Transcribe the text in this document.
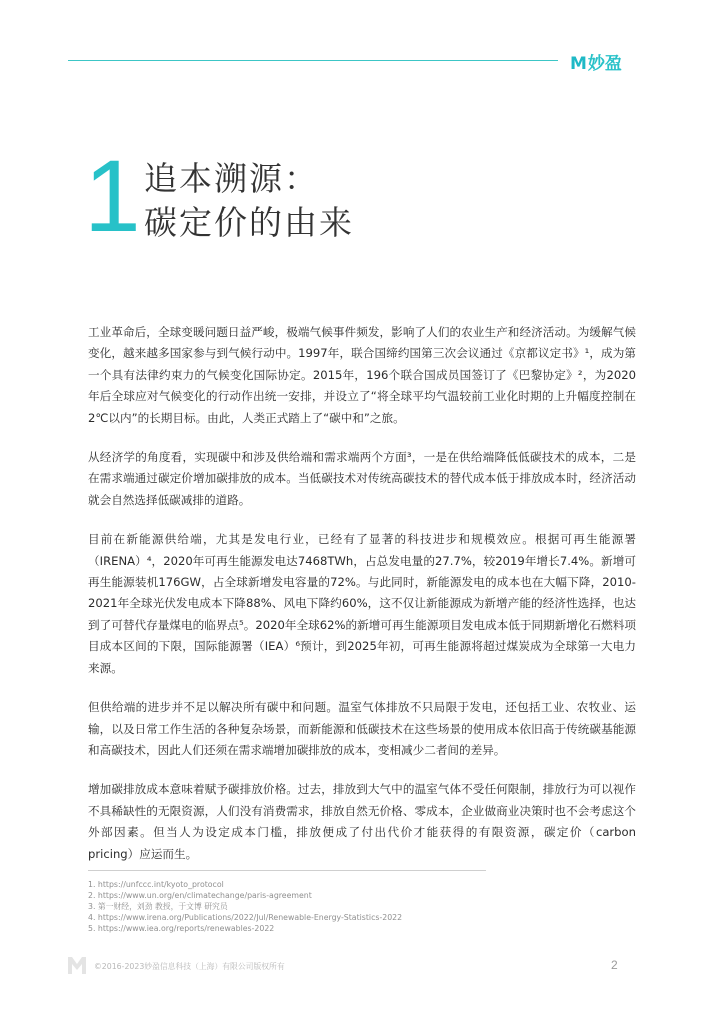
M妙盈
1 追本溯源：
碳定价的由来

工业革命后，全球变暖问题日益严峻，极端气候事件频发，影响了人们的农业生产和经济活动。为缓解气候变化，越来越多国家参与到气候行动中。1997年，联合国缔约国第三次会议通过《京都议定书》¹，成为第一个具有法律约束力的气候变化国际协定。2015年，196个联合国成员国签订了《巴黎协定》²，为2020年后全球应对气候变化的行动作出统一安排，并设立了“将全球平均气温较前工业化时期的上升幅度控制在2℃以内”的长期目标。由此，人类正式踏上了“碳中和”之旅。

从经济学的角度看，实现碳中和涉及供给端和需求端两个方面³，一是在供给端降低低碳技术的成本，二是在需求端通过碳定价增加碳排放的成本。当低碳技术对传统高碳技术的替代成本低于排放成本时，经济活动就会自然选择低碳减排的道路。

目前在新能源供给端，尤其是发电行业，已经有了显著的科技进步和规模效应。根据可再生能源署（IRENA）⁴，2020年可再生能源发电达7468TWh，占总发电量的27.7%，较2019年增长7.4%。新增可再生能源装机176GW，占全球新增发电容量的72%。与此同时，新能源发电的成本也在大幅下降，2010-2021年全球光伏发电成本下降88%、风电下降约60%，这不仅让新能源成为新增产能的经济性选择，也达到了可替代存量煤电的临界点⁵。2020年全球62%的新增可再生能源项目发电成本低于同期新增化石燃料项目成本区间的下限，国际能源署（IEA）⁶预计，到2025年初，可再生能源将超过煤炭成为全球第一大电力来源。

但供给端的进步并不足以解决所有碳中和问题。温室气体排放不只局限于发电，还包括工业、农牧业、运输，以及日常工作生活的各种复杂场景，而新能源和低碳技术在这些场景的使用成本依旧高于传统碳基能源和高碳技术，因此人们还须在需求端增加碳排放的成本，变相减少二者间的差异。

增加碳排放成本意味着赋予碳排放价格。过去，排放到大气中的温室气体不受任何限制，排放行为可以视作不具稀缺性的无限资源，人们没有消费需求，排放自然无价格、零成本，企业做商业决策时也不会考虑这个外部因素。但当人为设定成本门槛，排放便成了付出代价才能获得的有限资源，碳定价（carbon　pricing）应运而生。

1. https://unfccc.int/kyoto_protocol
2. https://www.un.org/en/climatechange/paris-agreement
3. 第一财经，刘劲 教授，于文博 研究员
4. https://www.irena.org/Publications/2022/Jul/Renewable-Energy-Statistics-2022
5. https://www.iea.org/reports/renewables-2022
©2016-2023妙盈信息科技（上海）有限公司版权所有	2
